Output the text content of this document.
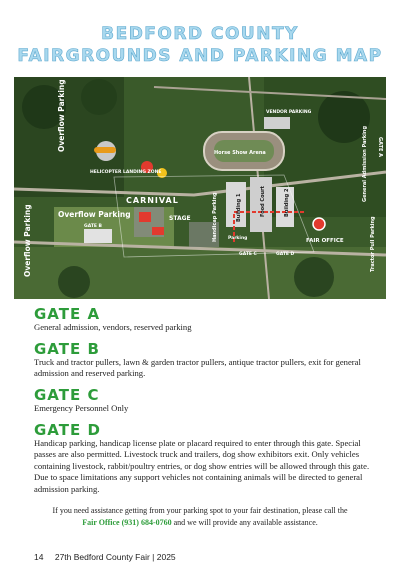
BEDFORD COUNTY
FAIRGROUNDS AND PARKING MAP
Overflow Parking
Overflow Parking
Overflow Parking
HELICOPTER LANDING ZONE
CARNIVAL
STAGE
Horse Show Arena
VENDOR PARKING
General Admission Parking GATE A
GATE B
GATE C	GATE D	Tractor Pull Parking
FAIR OFFICE
Handicap Parking	Building 1	Building 2
Parking
Food Court
GATE A
General admission, vendors, reserved parking
GATE B
Truck and tractor pullers, lawn & garden tractor pullers, antique tractor pullers, exit for general admission and reserved parking.
GATE C
Emergency Personnel Only
GATE D
Handicap parking, handicap license plate or placard required to enter through this gate. Special passes are also permitted. Livestock truck and trailers, dog show exhibitors exit. Only vehicles containing livestock, rabbit/poultry entries, or dog show entries will be allowed through this gate. Due to space limitations any support vehicles not containing animals will be directed to general admission parking.
If you need assistance getting from your parking spot to your fair destination, please call the
Fair Office (931) 684-0760 and we will provide any available assistance.
14 27th Bedford County Fair | 2025
